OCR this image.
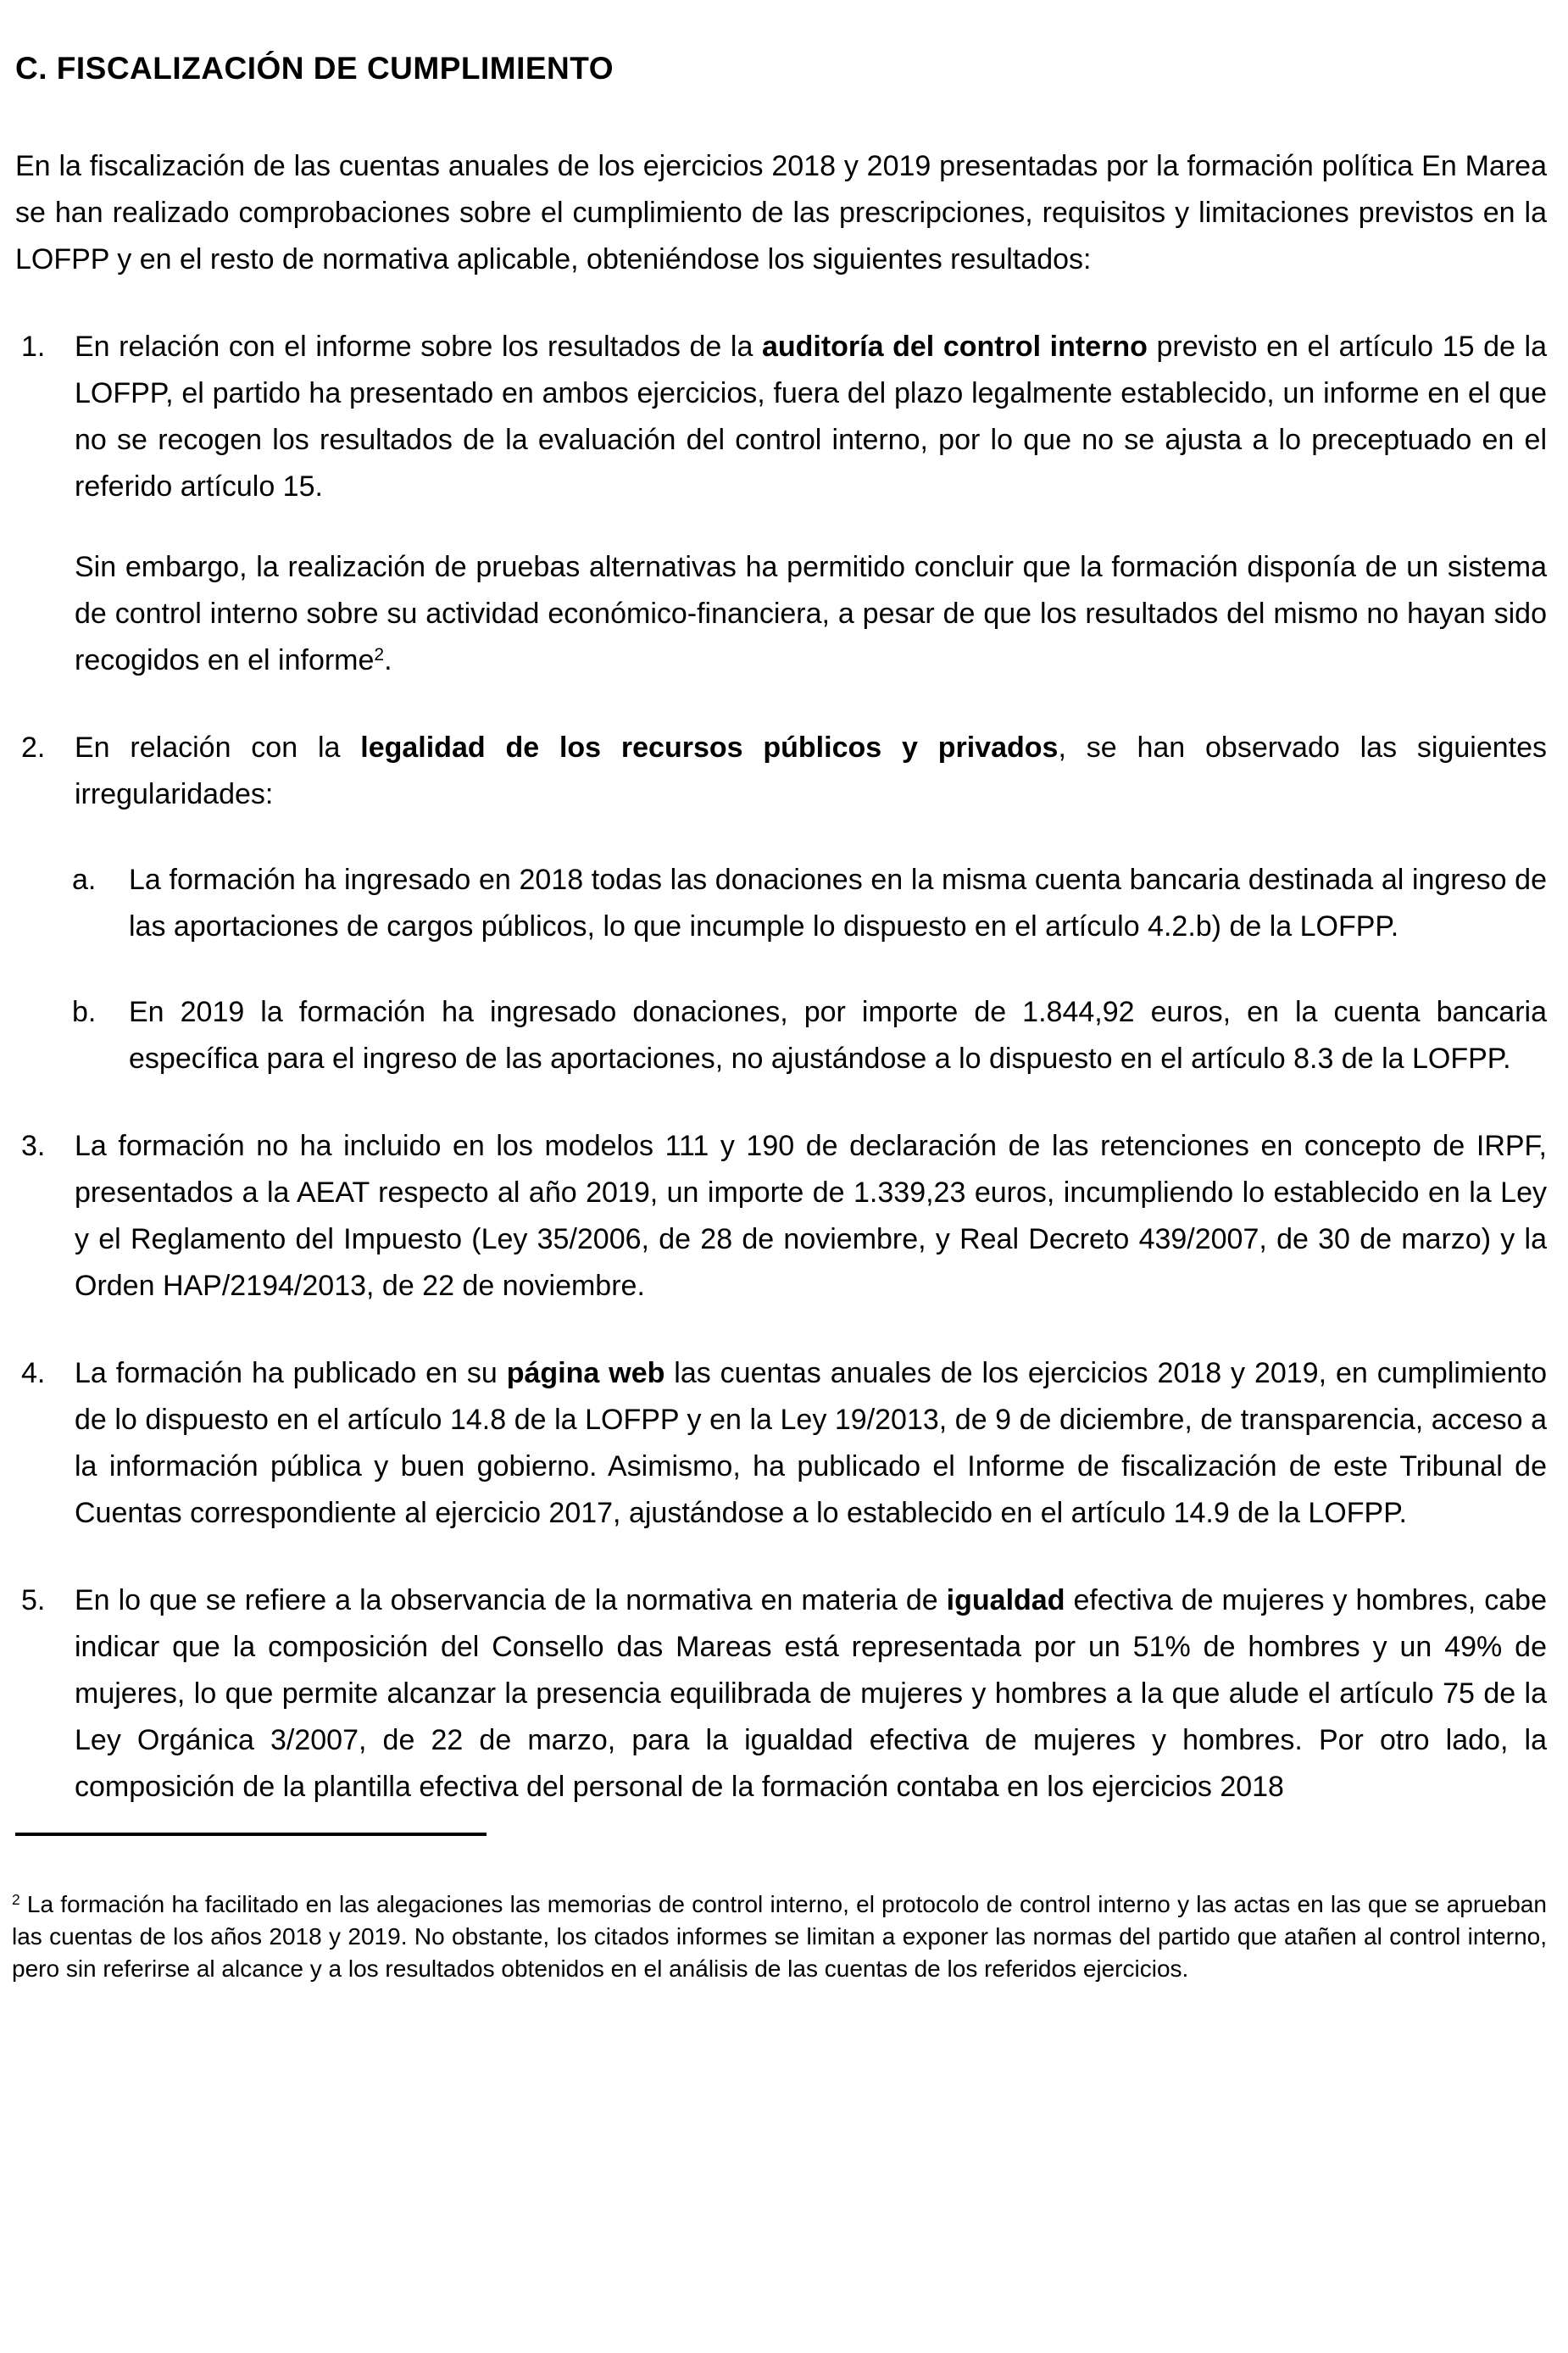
C. FISCALIZACIÓN DE CUMPLIMIENTO

En la fiscalización de las cuentas anuales de los ejercicios 2018 y 2019 presentadas por la formación política En Marea se han realizado comprobaciones sobre el cumplimiento de las prescripciones, requisitos y limitaciones previstos en la LOFPP y en el resto de normativa aplicable, obteniéndose los siguientes resultados:

1.	En relación con el informe sobre los resultados de la auditoría del control interno previsto en el artículo 15 de la LOFPP, el partido ha presentado en ambos ejercicios, fuera del plazo legalmente establecido, un informe en el que no se recogen los resultados de la evaluación del control interno, por lo que no se ajusta a lo preceptuado en el referido artículo 15.

Sin embargo, la realización de pruebas alternativas ha permitido concluir que la formación disponía de un sistema de control interno sobre su actividad económico-financiera, a pesar de que los resultados del mismo no hayan sido recogidos en el informe$^2$.

2.	En relación con la legalidad de los recursos públicos y privados, se han observado las siguientes irregularidades:

a.	La formación ha ingresado en 2018 todas las donaciones en la misma cuenta bancaria destinada al ingreso de las aportaciones de cargos públicos, lo que incumple lo dispuesto en el artículo 4.2.b) de la LOFPP.

b.	En 2019 la formación ha ingresado donaciones, por importe de 1.844,92 euros, en la cuenta bancaria específica para el ingreso de las aportaciones, no ajustándose a lo dispuesto en el artículo 8.3 de la LOFPP.

3.	La formación no ha incluido en los modelos 111 y 190 de declaración de las retenciones en concepto de IRPF, presentados a la AEAT respecto al año 2019, un importe de 1.339,23 euros, incumpliendo lo establecido en la Ley y el Reglamento del Impuesto (Ley 35/2006, de 28 de noviembre, y Real Decreto 439/2007, de 30 de marzo) y la Orden HAP/2194/2013, de 22 de noviembre.

4.	La formación ha publicado en su página web las cuentas anuales de los ejercicios 2018 y 2019, en cumplimiento de lo dispuesto en el artículo 14.8 de la LOFPP y en la Ley 19/2013, de 9 de diciembre, de transparencia, acceso a la información pública y buen gobierno. Asimismo, ha publicado el Informe de fiscalización de este Tribunal de Cuentas correspondiente al ejercicio 2017, ajustándose a lo establecido en el artículo 14.9 de la LOFPP.

5.	En lo que se refiere a la observancia de la normativa en materia de igualdad efectiva de mujeres y hombres, cabe indicar que la composición del Consello das Mareas está representada por un 51% de hombres y un 49% de mujeres, lo que permite alcanzar la presencia equilibrada de mujeres y hombres a la que alude el artículo 75 de la Ley Orgánica 3/2007, de 22 de marzo, para la igualdad efectiva de mujeres y hombres. Por otro lado, la composición de la plantilla efectiva del personal de la formación contaba en los ejercicios 2018

$^2$ La formación ha facilitado en las alegaciones las memorias de control interno, el protocolo de control interno y las actas en las que se aprueban las cuentas de los años 2018 y 2019. No obstante, los citados informes se limitan a exponer las normas del partido que atañen al control interno, pero sin referirse al alcance y a los resultados obtenidos en el análisis de las cuentas de los referidos ejercicios.
